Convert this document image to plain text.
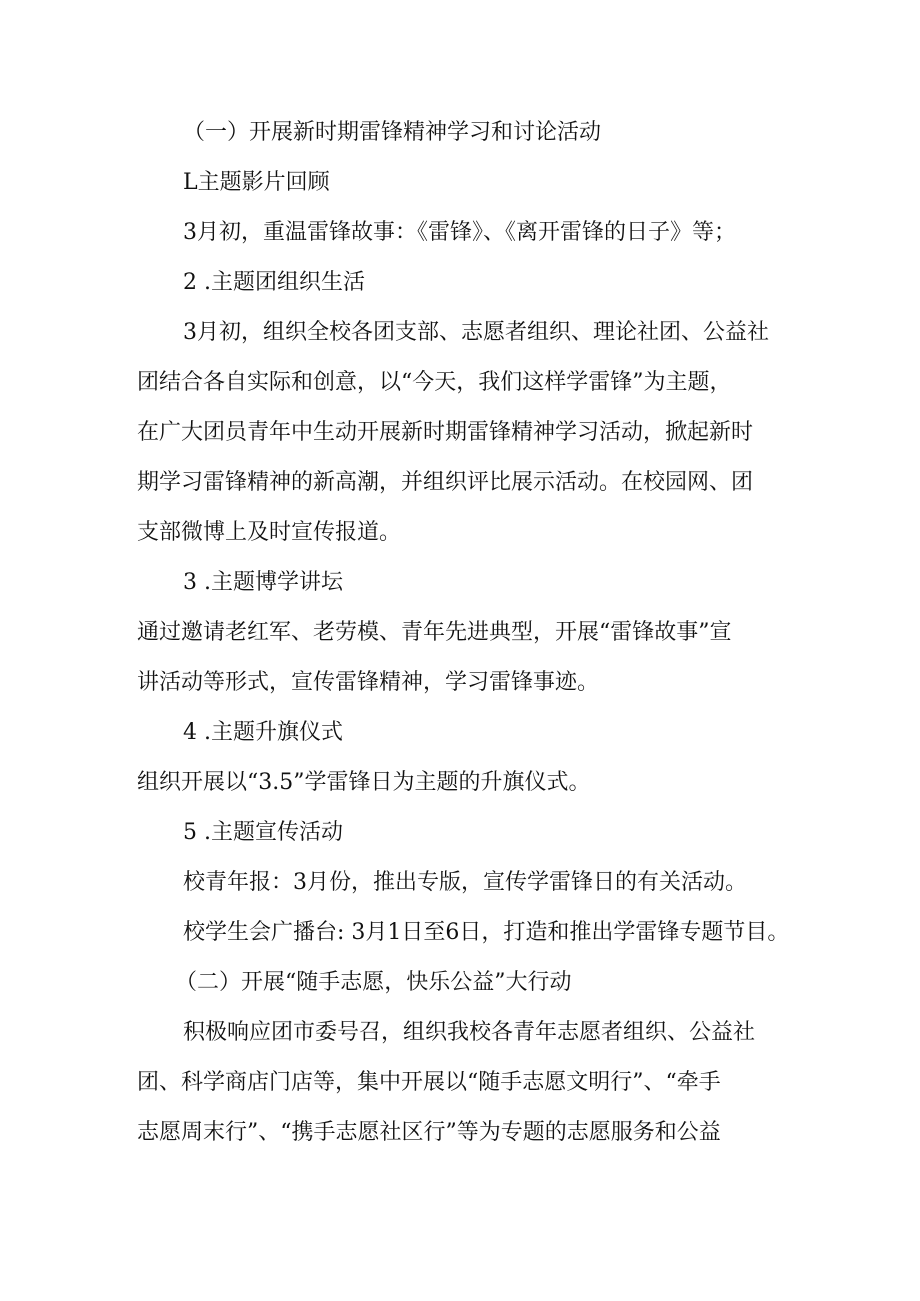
（一）开展新时期雷锋精神学习和讨论活动
L主题影片回顾
3月初，重温雷锋故事：《雷锋》、《离开雷锋的日子》等；
2 .主题团组织生活
3月初，组织全校各团支部、志愿者组织、理论社团、公益社
团结合各自实际和创意，以“今天，我们这样学雷锋”为主题，
在广大团员青年中生动开展新时期雷锋精神学习活动，掀起新时
期学习雷锋精神的新高潮，并组织评比展示活动。在校园网、团
支部微博上及时宣传报道。
3 .主题博学讲坛
通过邀请老红军、老劳模、青年先进典型，开展“雷锋故事”宣
讲活动等形式，宣传雷锋精神，学习雷锋事迹。
4 .主题升旗仪式
组织开展以“3.5”学雷锋日为主题的升旗仪式。
5 .主题宣传活动
校青年报：3月份，推出专版，宣传学雷锋日的有关活动。
校学生会广播台: 3月1日至6日，打造和推出学雷锋专题节目。
（二）开展“随手志愿，快乐公益”大行动
积极响应团市委号召，组织我校各青年志愿者组织、公益社
团、科学商店门店等，集中开展以“随手志愿文明行”、“牵手
志愿周末行”、“携手志愿社区行”等为专题的志愿服务和公益
